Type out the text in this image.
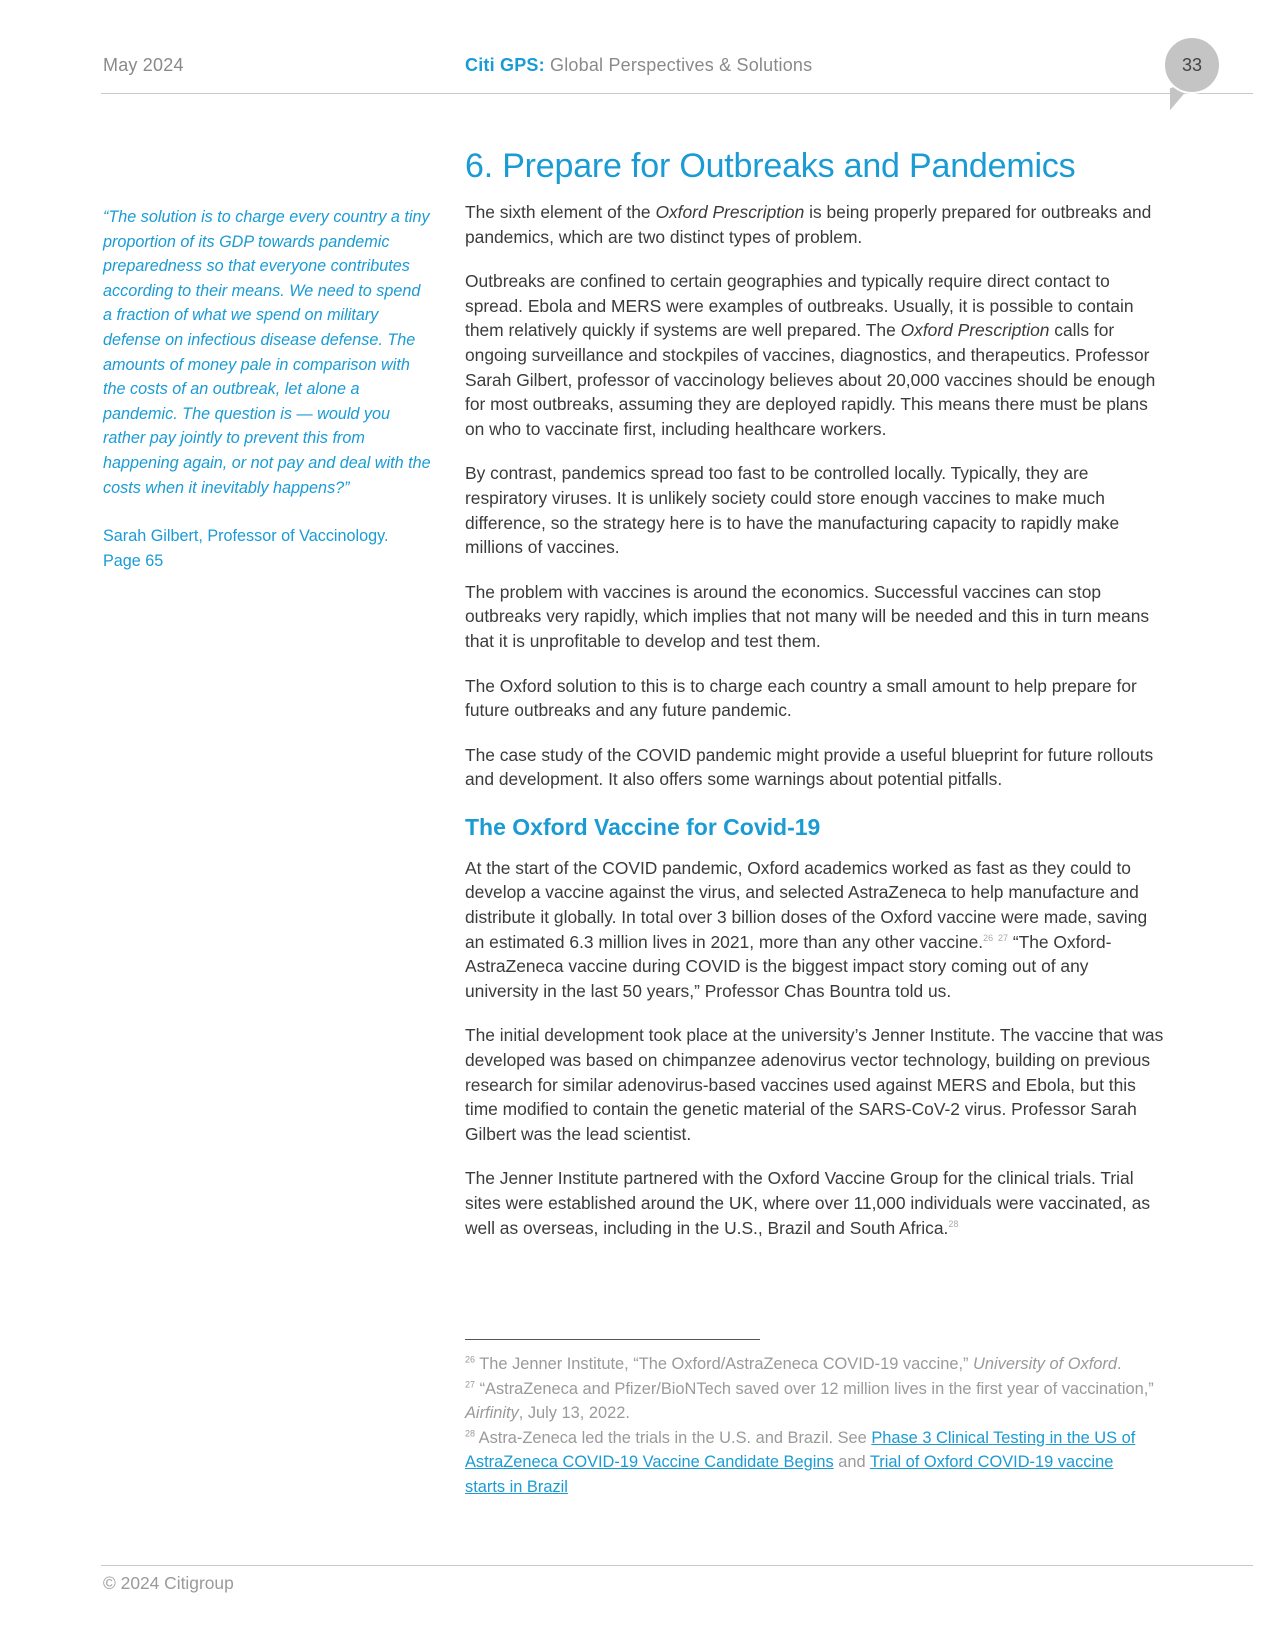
May 2024	Citi GPS: Global Perspectives & Solutions	33

“The solution is to charge every country a tiny proportion of its GDP towards pandemic preparedness so that everyone contributes according to their means. We need to spend a fraction of what we spend on military defense on infectious disease defense. The amounts of money pale in comparison with the costs of an outbreak, let alone a pandemic. The question is — would you rather pay jointly to prevent this from happening again, or not pay and deal with the costs when it inevitably happens?”

Sarah Gilbert, Professor of Vaccinology.
Page 65

6. Prepare for Outbreaks and Pandemics

The sixth element of the Oxford Prescription is being properly prepared for outbreaks and pandemics, which are two distinct types of problem.

Outbreaks are confined to certain geographies and typically require direct contact to spread. Ebola and MERS were examples of outbreaks. Usually, it is possible to contain them relatively quickly if systems are well prepared. The Oxford Prescription calls for ongoing surveillance and stockpiles of vaccines, diagnostics, and therapeutics. Professor Sarah Gilbert, professor of vaccinology believes about 20,000 vaccines should be enough for most outbreaks, assuming they are deployed rapidly. This means there must be plans on who to vaccinate first, including healthcare workers.

By contrast, pandemics spread too fast to be controlled locally. Typically, they are respiratory viruses. It is unlikely society could store enough vaccines to make much difference, so the strategy here is to have the manufacturing capacity to rapidly make millions of vaccines.

The problem with vaccines is around the economics. Successful vaccines can stop outbreaks very rapidly, which implies that not many will be needed and this in turn means that it is unprofitable to develop and test them.

The Oxford solution to this is to charge each country a small amount to help prepare for future outbreaks and any future pandemic.

The case study of the COVID pandemic might provide a useful blueprint for future rollouts and development. It also offers some warnings about potential pitfalls.

The Oxford Vaccine for Covid-19

At the start of the COVID pandemic, Oxford academics worked as fast as they could to develop a vaccine against the virus, and selected AstraZeneca to help manufacture and distribute it globally. In total over 3 billion doses of the Oxford vaccine were made, saving an estimated 6.3 million lives in 2021, more than any other vaccine.$^{26}$ $^{27}$ “The Oxford-AstraZeneca vaccine during COVID is the biggest impact story coming out of any university in the last 50 years,” Professor Chas Bountra told us.

The initial development took place at the university’s Jenner Institute. The vaccine that was developed was based on chimpanzee adenovirus vector technology, building on previous research for similar adenovirus-based vaccines used against MERS and Ebola, but this time modified to contain the genetic material of the SARS-CoV-2 virus. Professor Sarah Gilbert was the lead scientist.

The Jenner Institute partnered with the Oxford Vaccine Group for the clinical trials. Trial sites were established around the UK, where over 11,000 individuals were vaccinated, as well as overseas, including in the U.S., Brazil and South Africa.$^{28}$

$^{26}$ The Jenner Institute, “The Oxford/AstraZeneca COVID-19 vaccine,” University of Oxford.

$^{27}$ “AstraZeneca and Pfizer/BioNTech saved over 12 million lives in the first year of vaccination,” Airfinity, July 13, 2022.

$^{28}$ Astra-Zeneca led the trials in the U.S. and Brazil. See Phase 3 Clinical Testing in the US of AstraZeneca COVID-19 Vaccine Candidate Begins and Trial of Oxford COVID-19 vaccine starts in Brazil

© 2024 Citigroup
